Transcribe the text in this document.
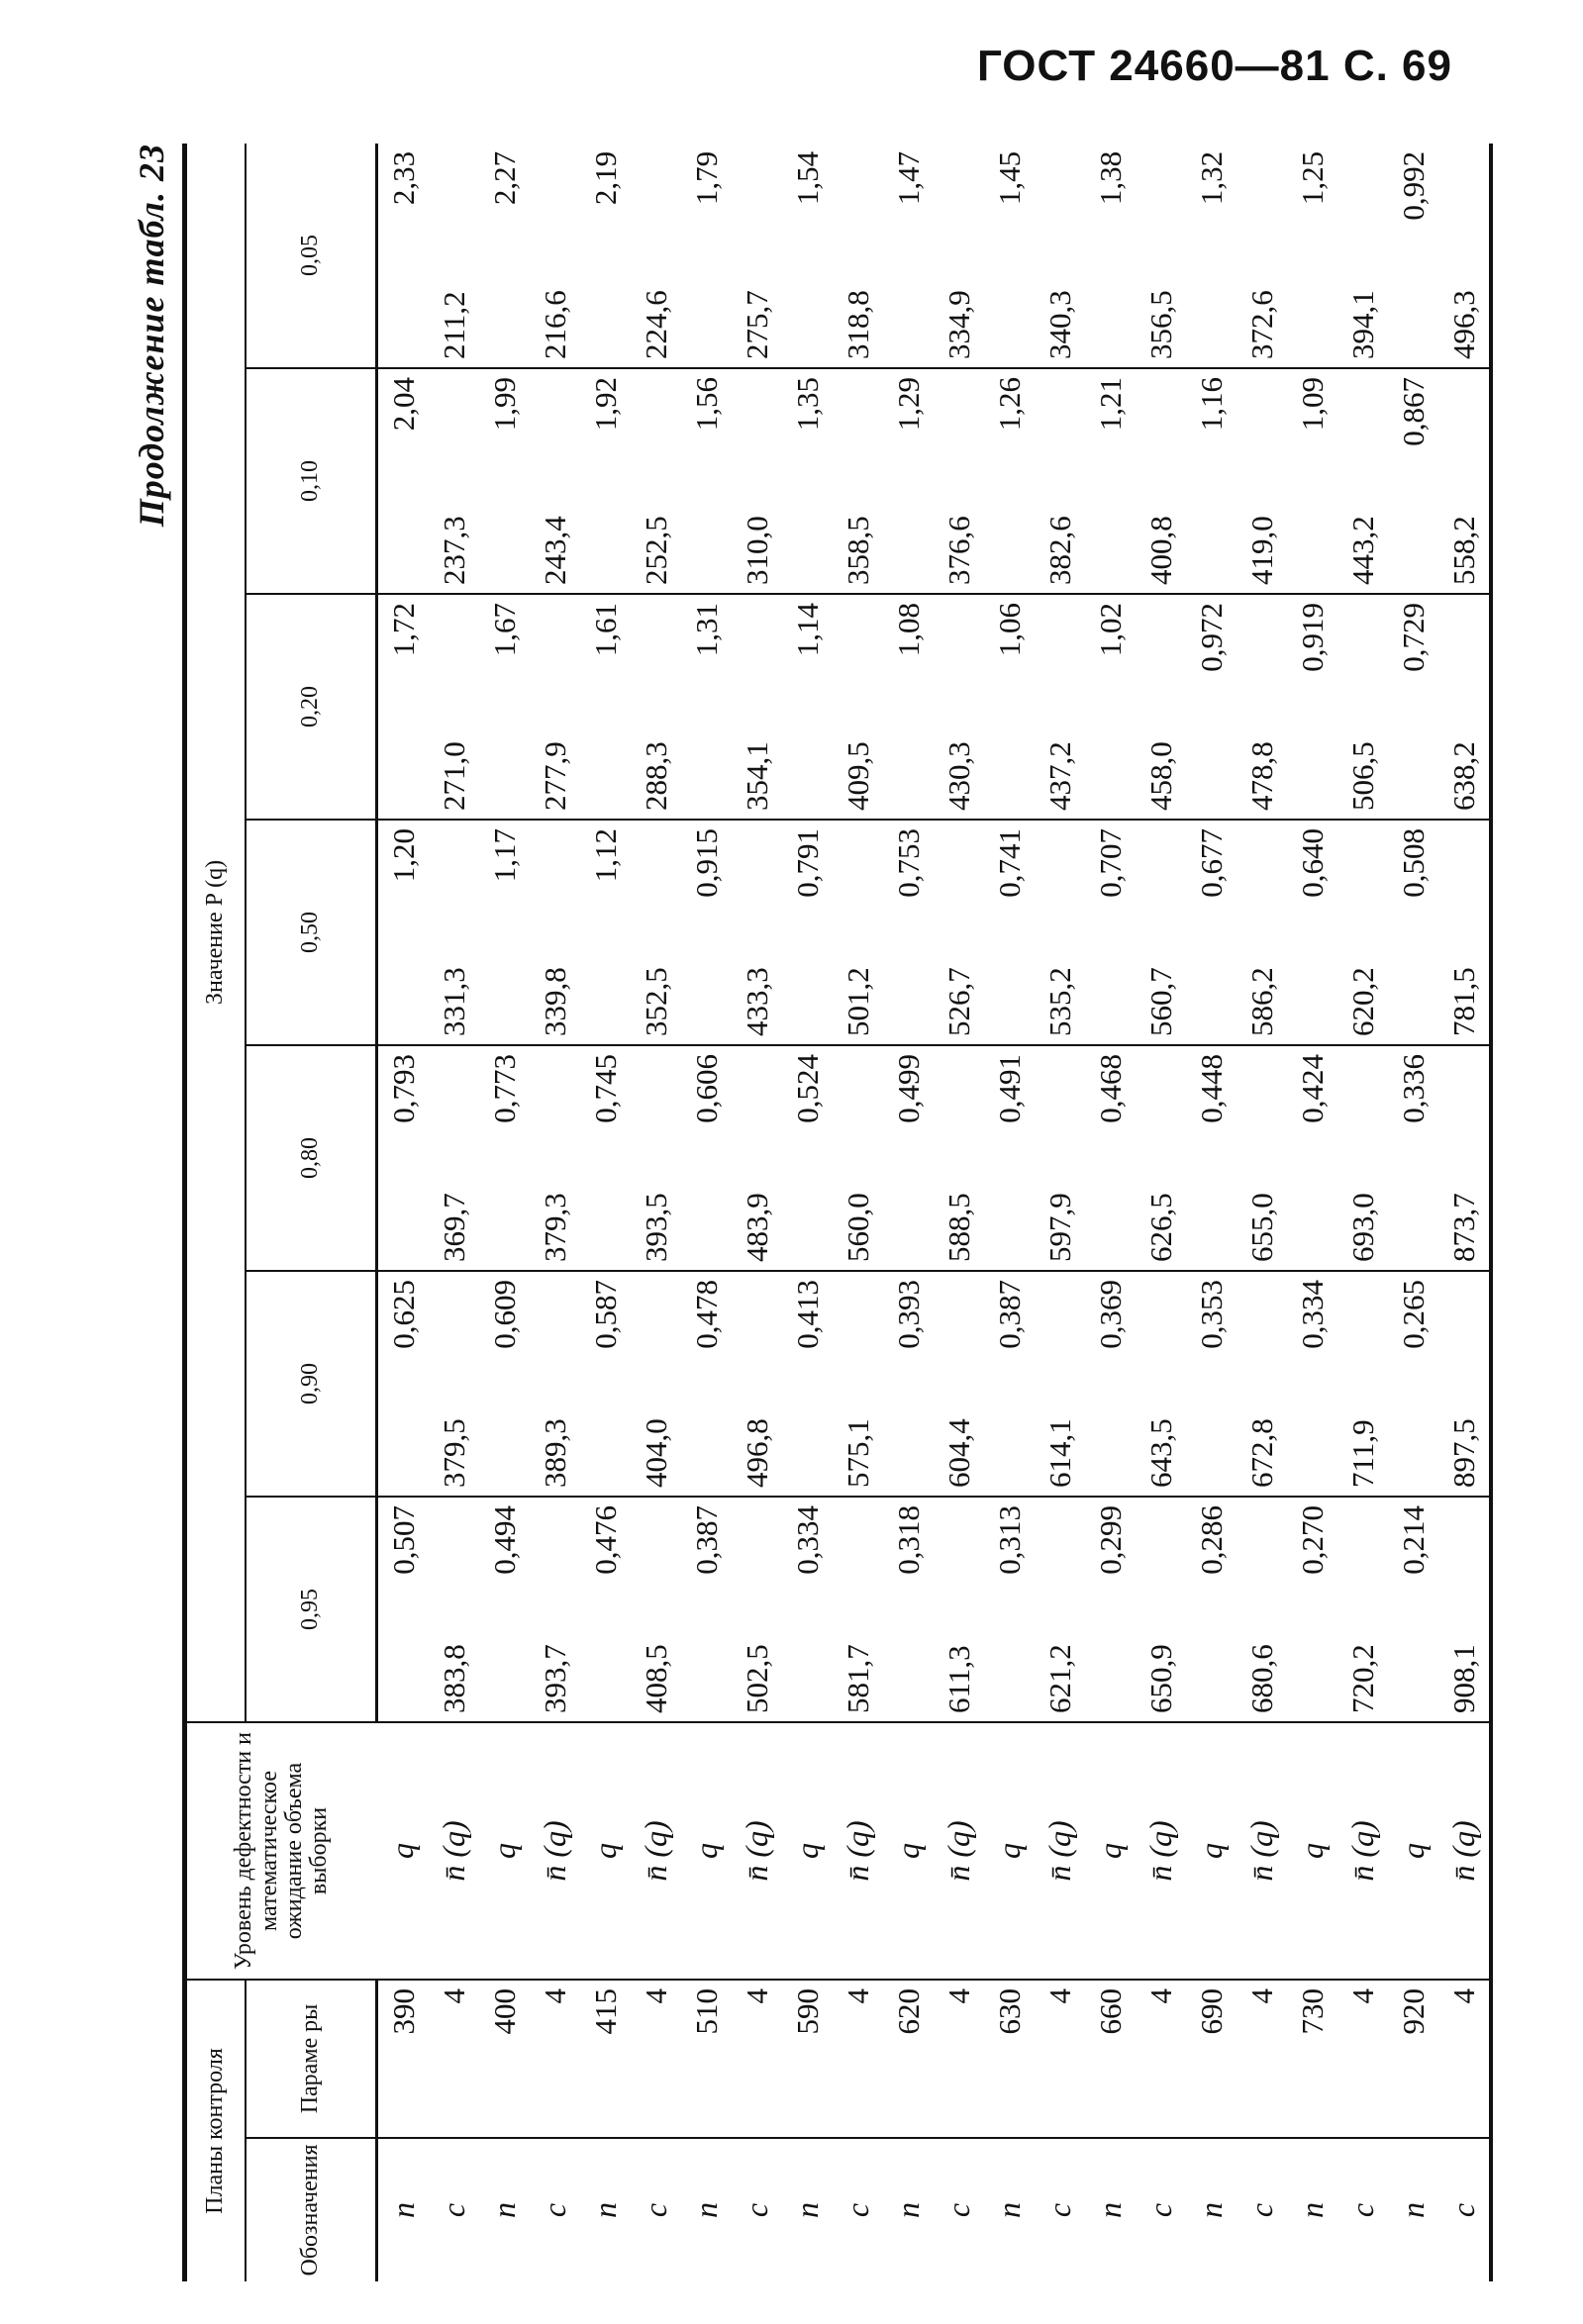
ГОСТ 24660—81 С. 69
Продолжение табл. 23
Планы контроля		Уровень дефектности и математическое ожидание объема выборки	Значение P (q)						
Обозначения	Параме ры		0,95	0,90	0,80	0,50	0,20	0,10	0,05
n	390	q	0,507	0,625	0,793	1,20	1,72	2,04	2,33
c	4	n̄ (q)	383,8	379,5	369,7	331,3	271,0	237,3	211,2
n	400	q	0,494	0,609	0,773	1,17	1,67	1,99	2,27
c	4	n̄ (q)	393,7	389,3	379,3	339,8	277,9	243,4	216,6
n	415	q	0,476	0,587	0,745	1,12	1,61	1,92	2,19
c	4	n̄ (q)	408,5	404,0	393,5	352,5	288,3	252,5	224,6
n	510	q	0,387	0,478	0,606	0,915	1,31	1,56	1,79
c	4	n̄ (q)	502,5	496,8	483,9	433,3	354,1	310,0	275,7
n	590	q	0,334	0,413	0,524	0,791	1,14	1,35	1,54
c	4	n̄ (q)	581,7	575,1	560,0	501,2	409,5	358,5	318,8
n	620	q	0,318	0,393	0,499	0,753	1,08	1,29	1,47
c	4	n̄ (q)	611,3	604,4	588,5	526,7	430,3	376,6	334,9
n	630	q	0,313	0,387	0,491	0,741	1,06	1,26	1,45
c	4	n̄ (q)	621,2	614,1	597,9	535,2	437,2	382,6	340,3
n	660	q	0,299	0,369	0,468	0,707	1,02	1,21	1,38
c	4	n̄ (q)	650,9	643,5	626,5	560,7	458,0	400,8	356,5
n	690	q	0,286	0,353	0,448	0,677	0,972	1,16	1,32
c	4	n̄ (q)	680,6	672,8	655,0	586,2	478,8	419,0	372,6
n	730	q	0,270	0,334	0,424	0,640	0,919	1,09	1,25
c	4	n̄ (q)	720,2	711,9	693,0	620,2	506,5	443,2	394,1
n	920	q	0,214	0,265	0,336	0,508	0,729	0,867	0,992
c	4	n̄ (q)	908,1	897,5	873,7	781,5	638,2	558,2	496,3
